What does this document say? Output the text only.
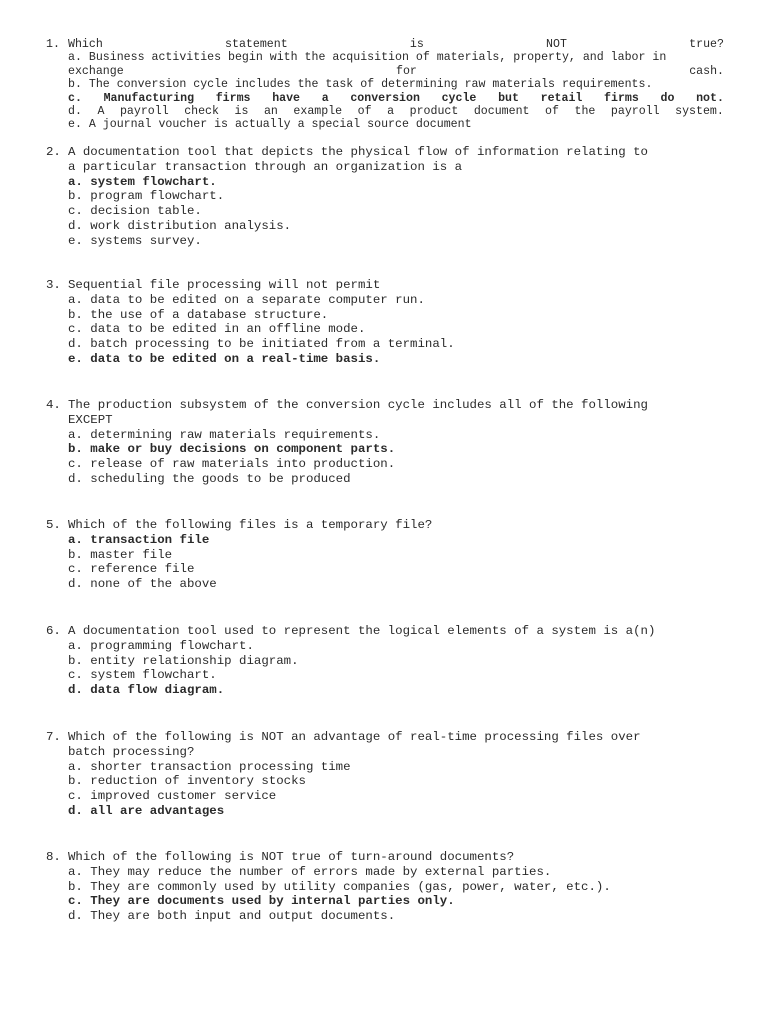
1. Which	statement	is	NOT	true?
a. Business activities begin with the acquisition of materials, property, and labor in
exchange	for	cash.
b. The conversion cycle includes the task of determining raw materials requirements.
c. Manufacturing firms have a conversion cycle but retail firms do not.
d. A payroll check is an example of a product document of the payroll system.
e. A journal voucher is actually a special source document
2. A documentation tool that depicts the physical flow of information relating to
a particular transaction through an organization is a
a. system flowchart.
b. program flowchart.
c. decision table.
d. work distribution analysis.
e. systems survey.
3. Sequential file processing will not permit
a. data to be edited on a separate computer run.
b. the use of a database structure.
c. data to be edited in an offline mode.
d. batch processing to be initiated from a terminal.
e. data to be edited on a real-time basis.
4. The production subsystem of the conversion cycle includes all of the following
EXCEPT
a. determining raw materials requirements.
b. make or buy decisions on component parts.
c. release of raw materials into production.
d. scheduling the goods to be produced
5. Which of the following files is a temporary file?
a. transaction file
b. master file
c. reference file
d. none of the above
6. A documentation tool used to represent the logical elements of a system is a(n)
a. programming flowchart.
b. entity relationship diagram.
c. system flowchart.
d. data flow diagram.
7. Which of the following is NOT an advantage of real-time processing files over
batch processing?
a. shorter transaction processing time
b. reduction of inventory stocks
c. improved customer service
d. all are advantages
8. Which of the following is NOT true of turn-around documents?
a. They may reduce the number of errors made by external parties.
b. They are commonly used by utility companies (gas, power, water, etc.).
c. They are documents used by internal parties only.
d. They are both input and output documents.
